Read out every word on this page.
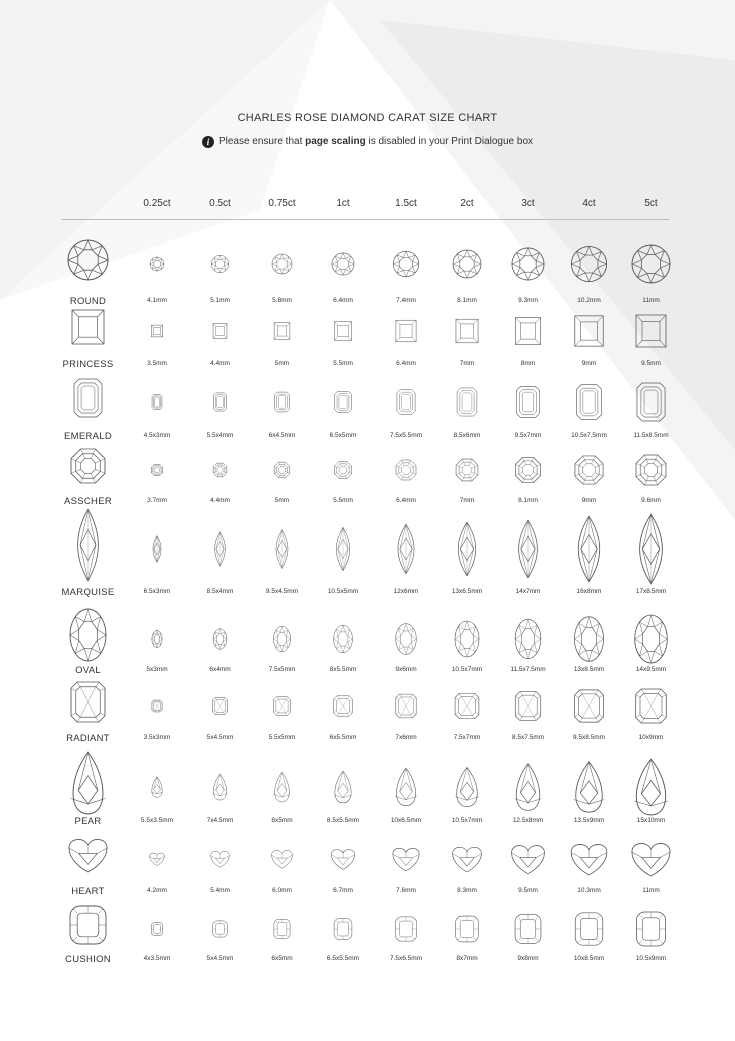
CHARLES ROSE DIAMOND CARAT SIZE CHART
i Please ensure that page scaling is disabled in your Print Dialogue box
0.25ct	0.5ct	0.75ct	1ct	1.5ct	2ct	3ct	4ct	5ct
ROUND	4.1mm	5.1mm	5.8mm	6.4mm	7.4mm	8.1mm	9.3mm	10.2mm	11mm
PRINCESS	3.5mm	4.4mm	5mm	5.5mm	6.4mm	7mm	8mm	9mm	9.5mm
EMERALD	4.5x3mm	5.5x4mm	6x4.5mm	6.5x5mm	7.5x5.5mm	8.5x6mm	9.5x7mm	10.5x7.5mm	11.5x8.5mm
ASSCHER	3.7mm	4.4mm	5mm	5.5mm	6.4mm	7mm	8.1mm	9mm	9.6mm
MARQUISE	6.5x3mm	8.5x4mm	9.5x4.5mm	10.5x5mm	12x6mm	13x6.5mm	14x7mm	16x8mm	17x8.5mm
OVAL	5x3mm	6x4mm	7.5x5mm	8x5.5mm	9x6mm	10.5x7mm	11.5x7.5mm	13x8.5mm	14x9.5mm
RADIANT	3.5x3mm	5x4.5mm	5.5x5mm	6x5.5mm	7x6mm	7.5x7mm	8.5x7.5mm	9.5x8.5mm	10x9mm
PEAR	5.5x3.5mm	7x4.5mm	8x5mm	8.5x5.5mm	10x6.5mm	10.5x7mm	12.5x8mm	13.5x9mm	15x10mm
HEART	4.2mm	5.4mm	6.0mm	6.7mm	7.6mm	8.3mm	9.5mm	10.3mm	11mm
CUSHION	4x3.5mm	5x4.5mm	6x5mm	6.5x5.5mm	7.5x6.5mm	8x7mm	9x8mm	10x8.5mm	10.5x9mm
